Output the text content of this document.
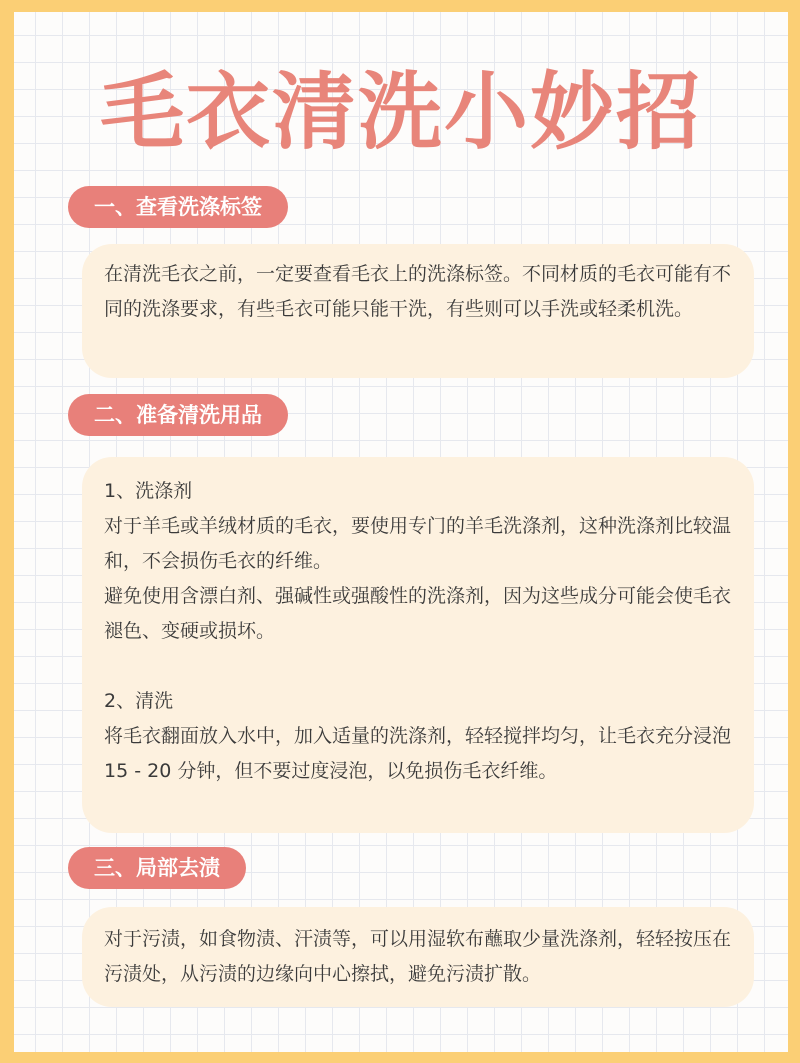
毛衣清洗小妙招
一、查看洗涤标签

在清洗毛衣之前，一定要查看毛衣上的洗涤标签。不同材质的毛衣可能有不同的洗涤要求，有些毛衣可能只能干洗，有些则可以手洗或轻柔机洗。

二、准备清洗用品

1、洗涤剂

对于羊毛或羊绒材质的毛衣，要使用专门的羊毛洗涤剂，这种洗涤剂比较温和，不会损伤毛衣的纤维。

避免使用含漂白剂、强碱性或强酸性的洗涤剂，因为这些成分可能会使毛衣褪色、变硬或损坏。

2、清洗

将毛衣翻面放入水中，加入适量的洗涤剂，轻轻搅拌均匀，让毛衣充分浸泡 15 - 20 分钟，但不要过度浸泡，以免损伤毛衣纤维。

三、局部去渍

对于污渍，如食物渍、汗渍等，可以用湿软布蘸取少量洗涤剂，轻轻按压在污渍处，从污渍的边缘向中心擦拭，避免污渍扩散。
